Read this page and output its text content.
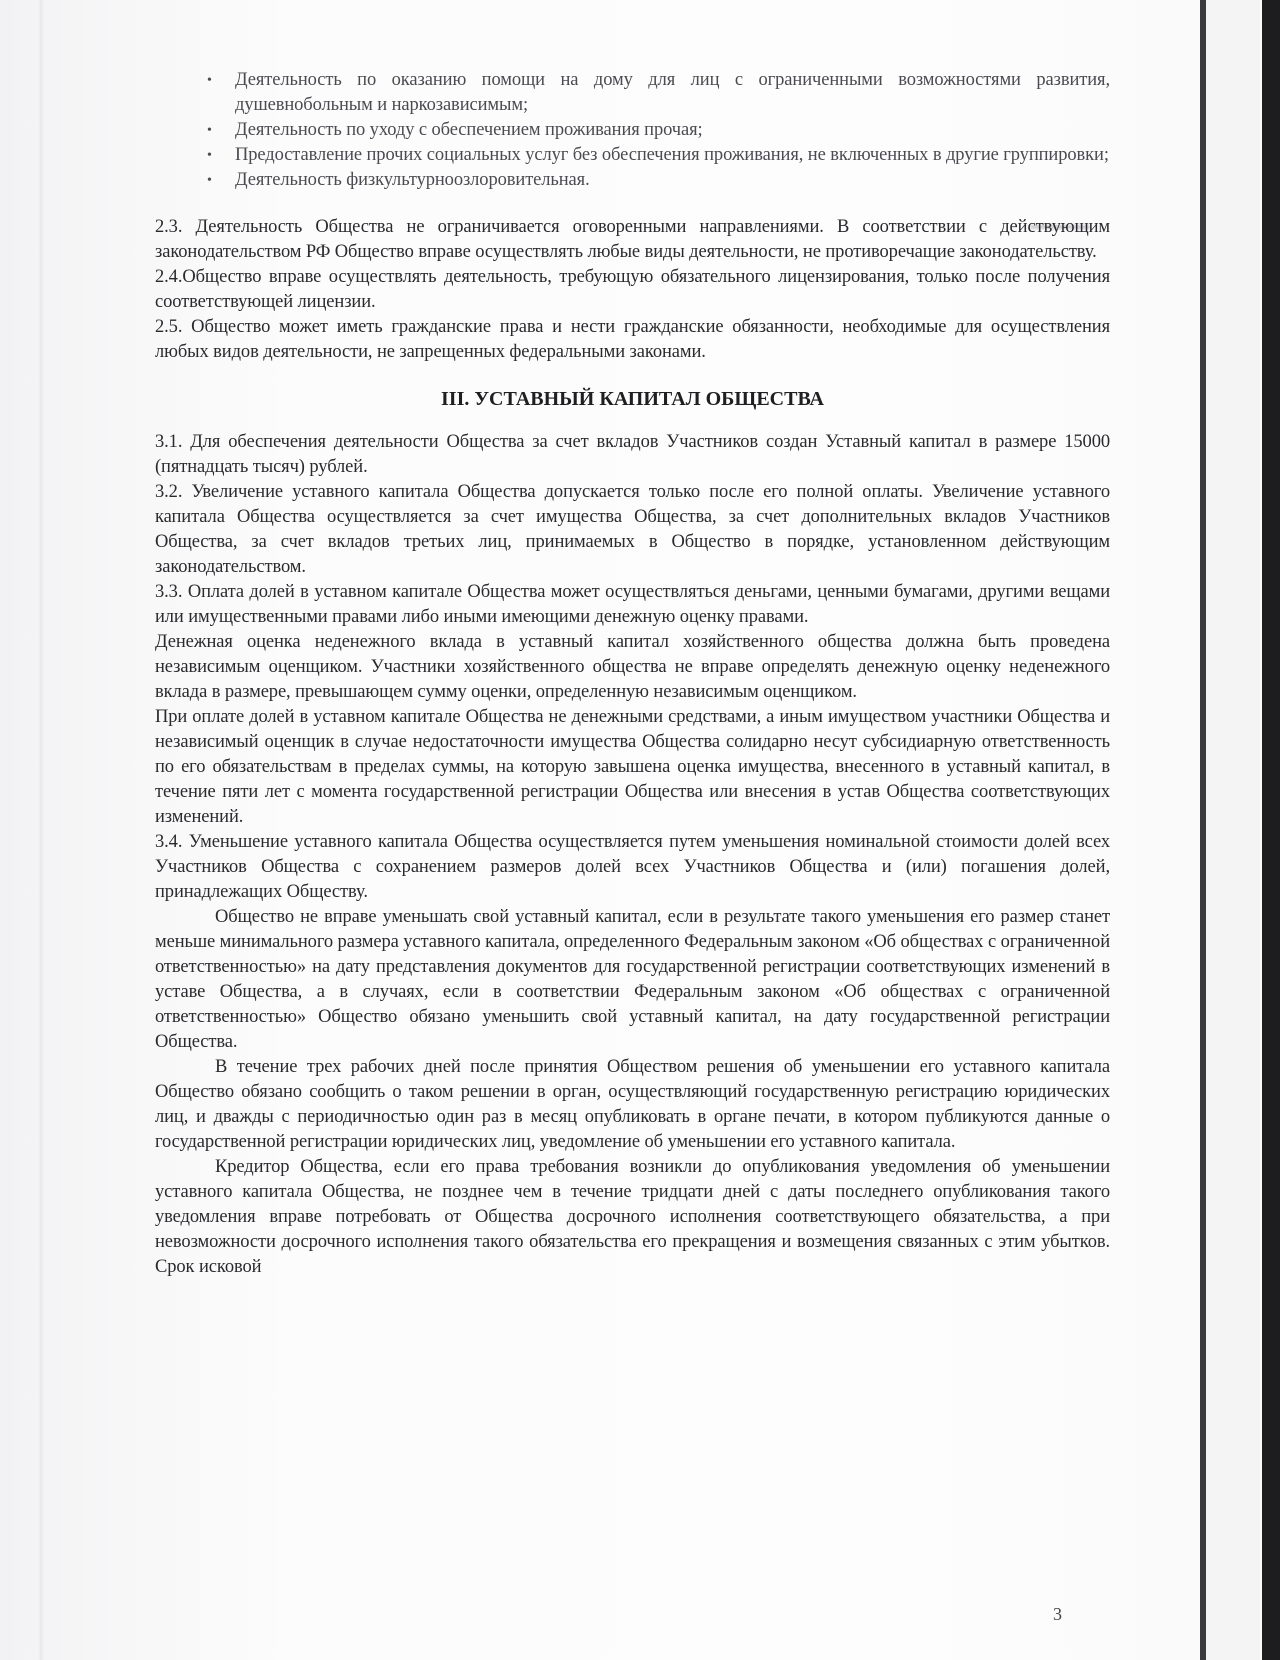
• Деятельность по оказанию помощи на дому для лиц с ограниченными возможностями развития, душевнобольным и наркозависимым;
• Деятельность по уходу с обеспечением проживания прочая;
• Предоставление прочих социальных услуг без обеспечения проживания, не включенных в другие группировки;
• Деятельность физкультурноозлоровительная.

2.3. Деятельность Общества не ограничивается оговоренными направлениями. В соответствии с действующим законодательством РФ Общество вправе осуществлять любые виды деятельности, не противоречащие законодательству.

2.4.Общество вправе осуществлять деятельность, требующую обязательного лицензирования, только после получения соответствующей лицензии.

2.5. Общество может иметь гражданские права и нести гражданские обязанности, необходимые для осуществления любых видов деятельности, не запрещенных федеральными законами.

III. УСТАВНЫЙ КАПИТАЛ ОБЩЕСТВА

3.1. Для обеспечения деятельности Общества за счет вкладов Участников создан Уставный капитал в размере 15000 (пятнадцать тысяч) рублей.

3.2. Увеличение уставного капитала Общества допускается только после его полной оплаты. Увеличение уставного капитала Общества осуществляется за счет имущества Общества, за счет дополнительных вкладов Участников Общества, за счет вкладов третьих лиц, принимаемых в Общество в порядке, установленном действующим законодательством.

3.3. Оплата долей в уставном капитале Общества может осуществляться деньгами, ценными бумагами, другими вещами или имущественными правами либо иными имеющими денежную оценку правами.

Денежная оценка неденежного вклада в уставный капитал хозяйственного общества должна быть проведена независимым оценщиком. Участники хозяйственного общества не вправе определять денежную оценку неденежного вклада в размере, превышающем сумму оценки, определенную независимым оценщиком.

При оплате долей в уставном капитале Общества не денежными средствами, а иным имуществом участники Общества и независимый оценщик в случае недостаточности имущества Общества солидарно несут субсидиарную ответственность по его обязательствам в пределах суммы, на которую завышена оценка имущества, внесенного в уставный капитал, в течение пяти лет с момента государственной регистрации Общества или внесения в устав Общества соответствующих изменений.

3.4. Уменьшение уставного капитала Общества осуществляется путем уменьшения номинальной стоимости долей всех Участников Общества с сохранением размеров долей всех Участников Общества и (или) погашения долей, принадлежащих Обществу.

Общество не вправе уменьшать свой уставный капитал, если в результате такого уменьшения его размер станет меньше минимального размера уставного капитала, определенного Федеральным законом «Об обществах с ограниченной ответственностью» на дату представления документов для государственной регистрации соответствующих изменений в уставе Общества, а в случаях, если в соответствии Федеральным законом «Об обществах с ограниченной ответственностью» Общество обязано уменьшить свой уставный капитал, на дату государственной регистрации Общества.

В течение трех рабочих дней после принятия Обществом решения об уменьшении его уставного капитала Общество обязано сообщить о таком решении в орган, осуществляющий государственную регистрацию юридических лиц, и дважды с периодичностью один раз в месяц опубликовать в органе печати, в котором публикуются данные о государственной регистрации юридических лиц, уведомление об уменьшении его уставного капитала.

Кредитор Общества, если его права требования возникли до опубликования уведомления об уменьшении уставного капитала Общества, не позднее чем в течение тридцати дней с даты последнего опубликования такого уведомления вправе потребовать от Общества досрочного исполнения соответствующего обязательства, а при невозможности досрочного исполнения такого обязательства его прекращения и возмещения связанных с этим убытков. Срок исковой

3
